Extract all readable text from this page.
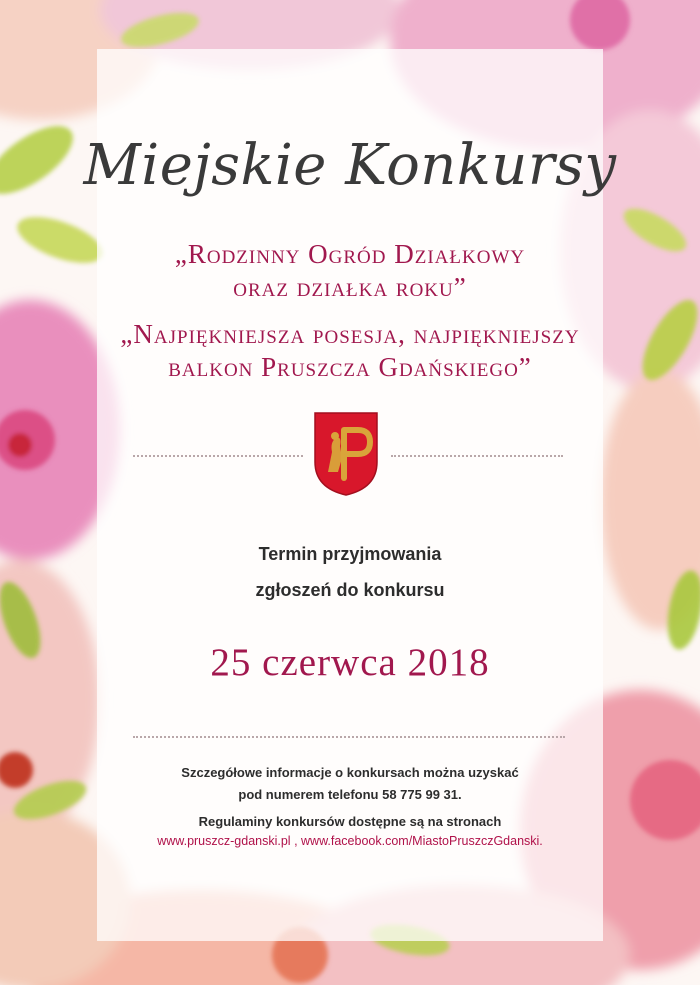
Miejskie Konkursy
„Rodzinny Ogród Działkowy
oraz działka roku”
„Najpiękniejsza posesja, najpiękniejszy
balkon Pruszcza Gdańskiego”
Termin przyjmowania
zgłoszeń do konkursu
25 czerwca 2018
Szczegółowe informacje o konkursach można uzyskać
pod numerem telefonu 58 775 99 31.
Regulaminy konkursów dostępne są na stronach
www.pruszcz-gdanski.pl , www.facebook.com/MiastoPruszczGdanski.
